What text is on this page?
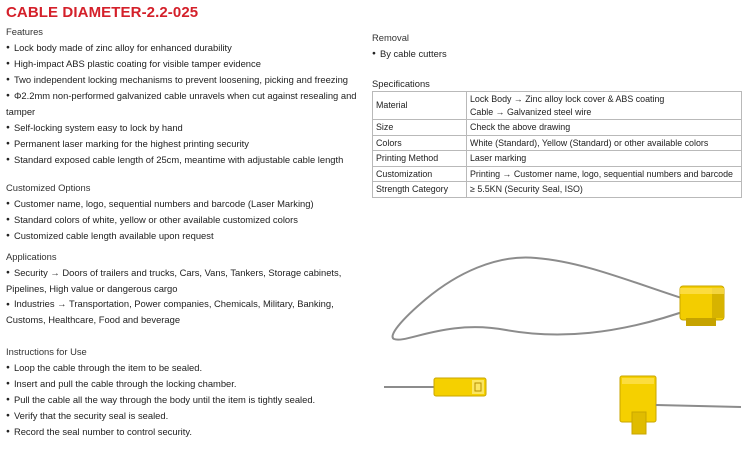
CABLE DIAMETER-2.2-025

Features

● Lock body made of zinc alloy for enhanced durability

● High-impact ABS plastic coating for visible tamper evidence

● Two independent locking mechanisms to prevent loosening, picking and freezing

● Φ2.2mm non-performed galvanized cable unravels when cut against resealing and tamper

● Self-locking system easy to lock by hand

● Permanent laser marking for the highest printing security

● Standard exposed cable length of 25cm, meantime with adjustable cable length

Customized Options

● Customer name, logo, sequential numbers and barcode (Laser Marking)

● Standard colors of white, yellow or other available customized colors

● Customized cable length available upon request

Applications

● Security → Doors of trailers and trucks, Cars, Vans, Tankers, Storage cabinets, Pipelines, High value or dangerous cargo

● Industries → Transportation, Power companies, Chemicals, Military, Banking, Customs, Healthcare, Food and beverage

Instructions for Use

● Loop the cable through the item to be sealed.

● Insert and pull the cable through the locking chamber.

● Pull the cable all the way through the body until the item is tightly sealed.

● Verify that the security seal is sealed.

● Record the seal number to control security.

Removal

● By cable cutters

Specifications
Material	Lock Body → Zinc alloy lock cover & ABS coating
Cable → Galvanized steel wire

Size	Check the above drawing

Colors	White (Standard), Yellow (Standard) or other available colors

Printing Method	Laser marking

Customization	Printing → Customer name, logo, sequential numbers and barcode

Strength Category	≥ 5.5KN (Security Seal, ISO)
